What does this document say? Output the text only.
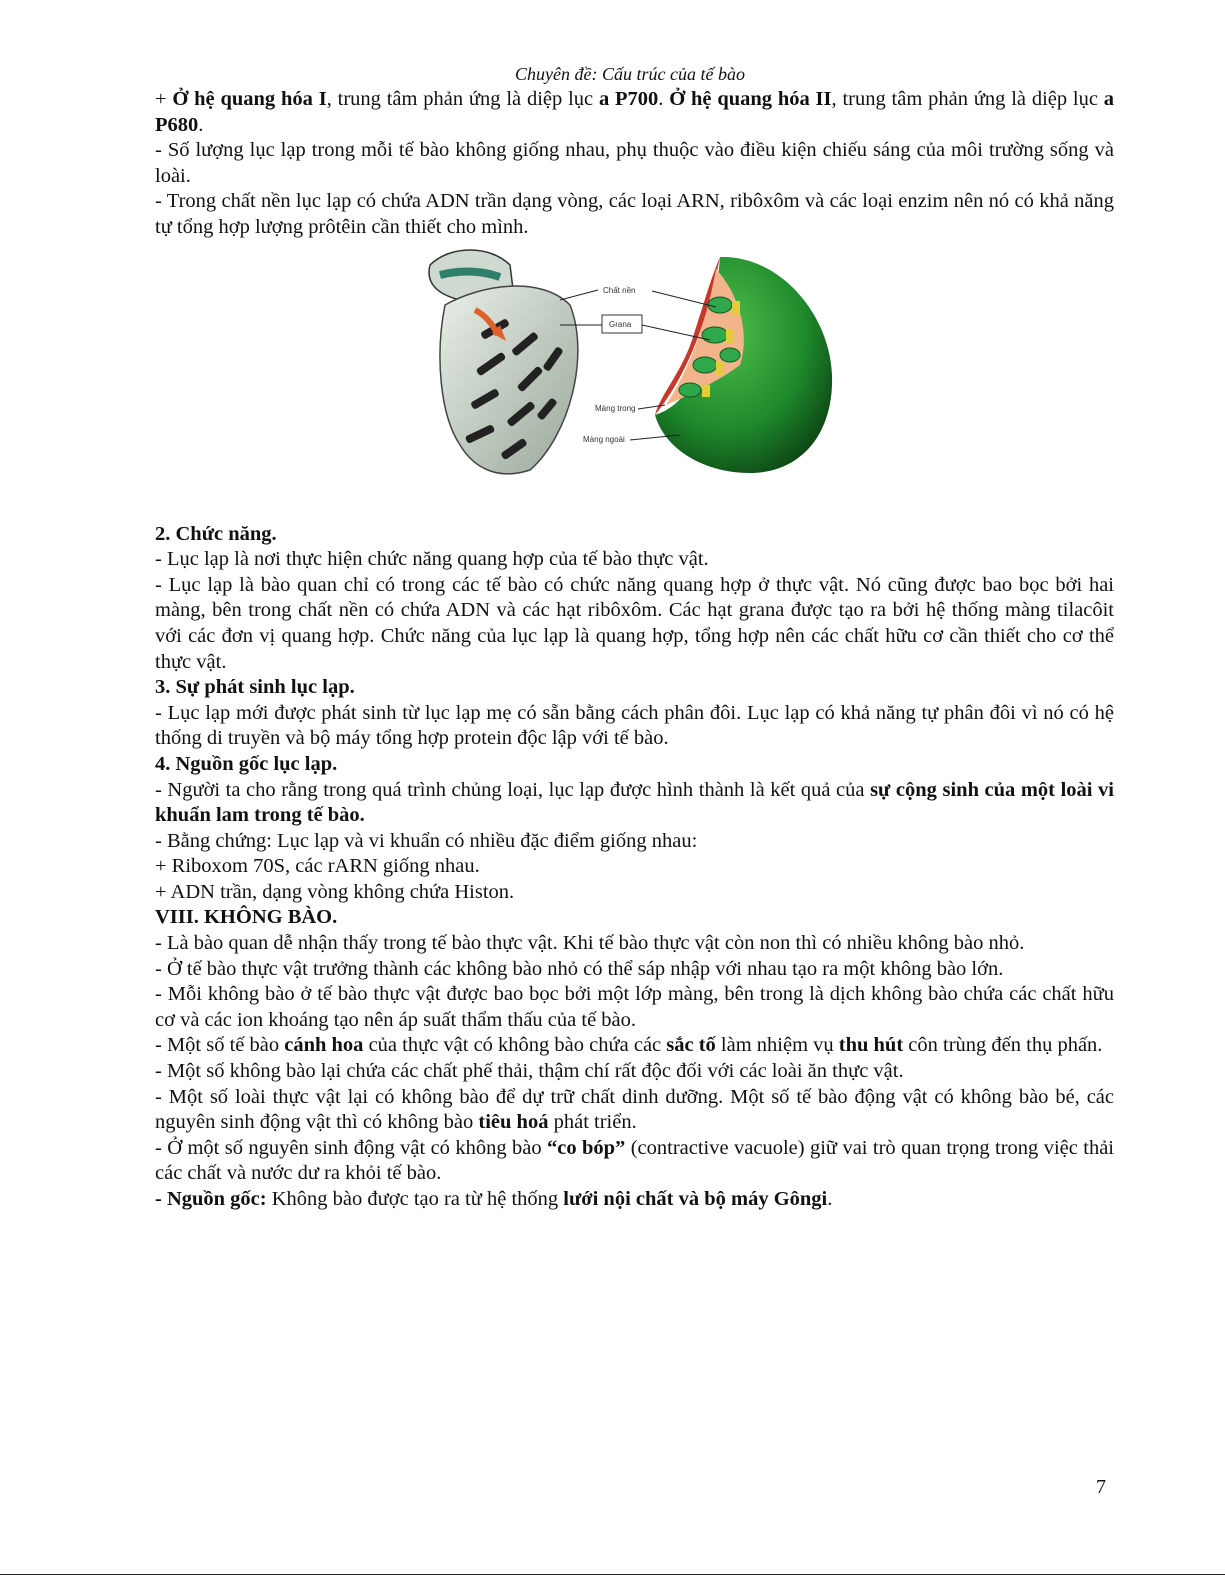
Chuyên đề: Cấu trúc của tế bào

+ Ở hệ quang hóa I, trung tâm phản ứng là diệp lục a P700. Ở hệ quang hóa II, trung tâm phản ứng là diệp lục a P680.

- Số lượng lục lạp trong mỗi tế bào không giống nhau, phụ thuộc vào điều kiện chiếu sáng của môi trường sống và loài.

- Trong chất nền lục lạp có chứa ADN trần dạng vòng, các loại ARN, ribôxôm và các loại enzim nên nó có khả năng tự tổng hợp lượng prôtêin cần thiết cho mình.

Chất nền
Grana
Màng trong
Màng ngoài

2. Chức năng.

- Lục lạp là nơi thực hiện chức năng quang hợp của tế bào thực vật.

- Lục lạp là bào quan chỉ có trong các tế bào có chức năng quang hợp ở thực vật. Nó cũng được bao bọc bởi hai màng, bên trong chất nền có chứa ADN và các hạt ribôxôm. Các hạt grana được tạo ra bởi hệ thống màng tilacôit với các đơn vị quang hợp. Chức năng của lục lạp là quang hợp, tổng hợp nên các chất hữu cơ cần thiết cho cơ thể thực vật.

3. Sự phát sinh lục lạp.

- Lục lạp mới được phát sinh từ lục lạp mẹ có sẵn bằng cách phân đôi. Lục lạp có khả năng tự phân đôi vì nó có hệ thống di truyền và bộ máy tổng hợp protein độc lập với tế bào.

4. Nguồn gốc lục lạp.

- Người ta cho rằng trong quá trình chủng loại, lục lạp được hình thành là kết quả của sự cộng sinh của một loài vi khuẩn lam trong tế bào.

- Bằng chứng: Lục lạp và vi khuẩn có nhiều đặc điểm giống nhau:

+ Riboxom 70S, các rARN giống nhau.

+ ADN trần, dạng vòng không chứa Histon.

VIII. KHÔNG BÀO.

- Là bào quan dễ nhận thấy trong tế bào thực vật. Khi tế bào thực vật còn non thì có nhiều không bào nhỏ.

- Ở tế bào thực vật trưởng thành các không bào nhỏ có thể sáp nhập với nhau tạo ra một không bào lớn.

- Mỗi không bào ở tế bào thực vật được bao bọc bởi một lớp màng, bên trong là dịch không bào chứa các chất hữu cơ và các ion khoáng tạo nên áp suất thẩm thấu của tế bào.

- Một số tế bào cánh hoa của thực vật có không bào chứa các sắc tố làm nhiệm vụ thu hút côn trùng đến thụ phấn.

- Một số không bào lại chứa các chất phế thải, thậm chí rất độc đối với các loài ăn thực vật.

- Một số loài thực vật lại có không bào để dự trữ chất dinh dưỡng. Một số tế bào động vật có không bào bé, các nguyên sinh động vật thì có không bào tiêu hoá phát triển.

- Ở một số nguyên sinh động vật có không bào “co bóp” (contractive vacuole) giữ vai trò quan trọng trong việc thải các chất và nước dư ra khỏi tế bào.

- Nguồn gốc: Không bào được tạo ra từ hệ thống lưới nội chất và bộ máy Gôngi.

7
